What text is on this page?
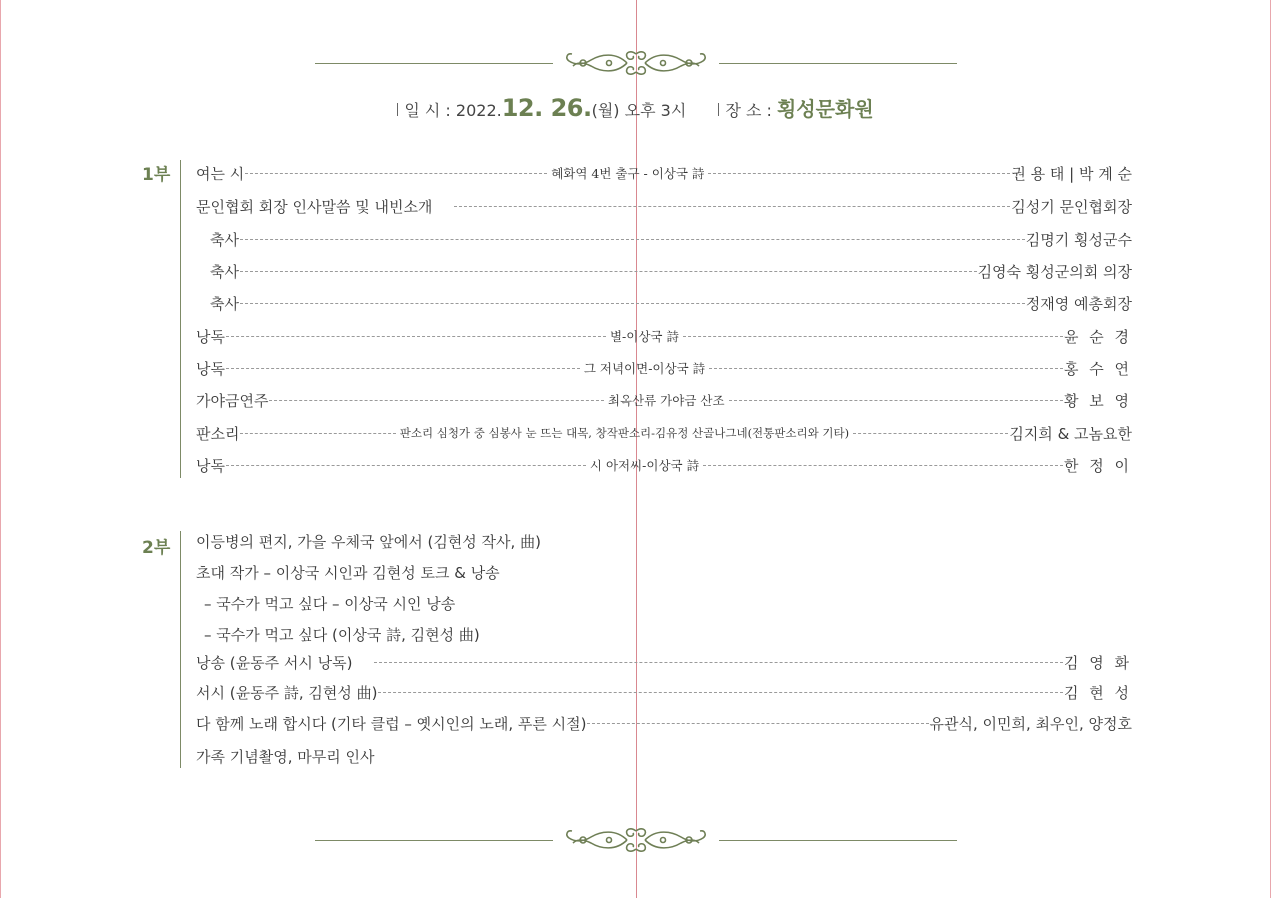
일 시 : 2022.12. 26.(월) 오후 3시 장 소 : 횡성문화원
1부 여는 시	혜화역 4번 출구 - 이상국 詩	권 용 태 | 박 계 순
문인협회 회장 인사말씀 및 내빈소개	김성기 문인협회장
축사	김명기 횡성군수
축사	김영숙 횡성군의회 의장
축사	정재영 예총회장
낭독	별-이상국 詩	윤 순 경
낭독	그 저녁이면-이상국 詩	홍 수 연
가야금연주	최옥산류 가야금 산조	황 보 영
판소리	판소리 심청가 중 심봉사 눈 뜨는 대목, 창작판소리-김유정 산골나그네(전통판소리와 기타)	김지희 & 고놈요한
낭독	시 아저씨-이상국 詩	한 정 이
2부 이등병의 편지, 가을 우체국 앞에서 (김현성 작사, 曲)
초대 작가 – 이상국 시인과 김현성 토크 & 낭송
– 국수가 먹고 싶다 – 이상국 시인 낭송
– 국수가 먹고 싶다 (이상국 詩, 김현성 曲)
낭송 (윤동주 서시 낭독)	김 영 화
서시 (윤동주 詩, 김현성 曲)	김 현 성
다 함께 노래 합시다 (기타 클럽 – 옛시인의 노래, 푸른 시절)	유관식, 이민희, 최우인, 양정호
가족 기념촬영, 마무리 인사
